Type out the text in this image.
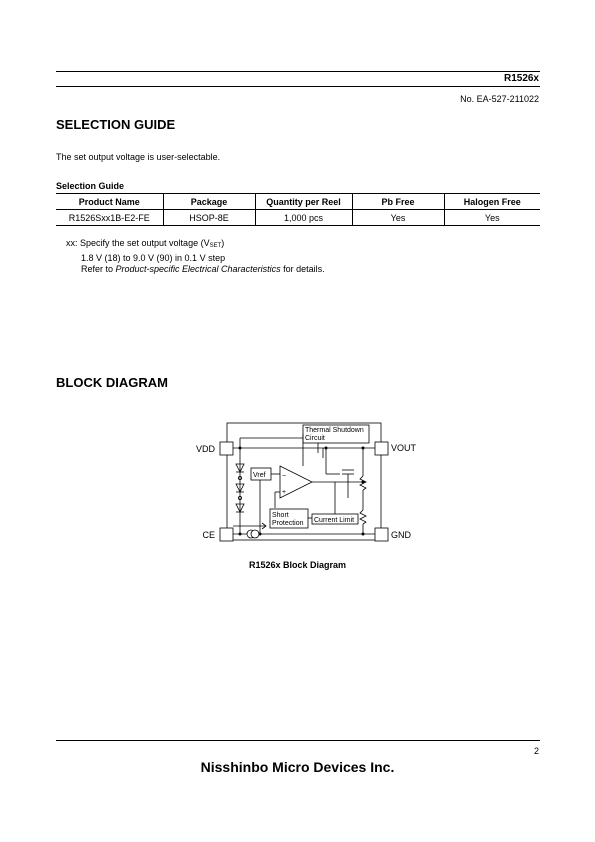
R1526x
No. EA-527-211022
SELECTION GUIDE
The set output voltage is user-selectable.
Selection Guide
Product Name	Package	Quantity per Reel	Pb Free	Halogen Free
R1526Sxx1B-E2-FE	HSOP-8E	1,000 pcs	Yes	Yes
xx: Specify the set output voltage $(V_{SET})$
1.8 V (18) to 9.0 V (90) in 0.1 V step
Refer to Product-specific Electrical Characteristics for details.
BLOCK DIAGRAM
VDD	VOUT
CE	GND
Thermal Shutdown
Circuit
Vref
Short
Protection Current Limit
−
+
R1526x Block Diagram
2
Nisshinbo Micro Devices Inc.
